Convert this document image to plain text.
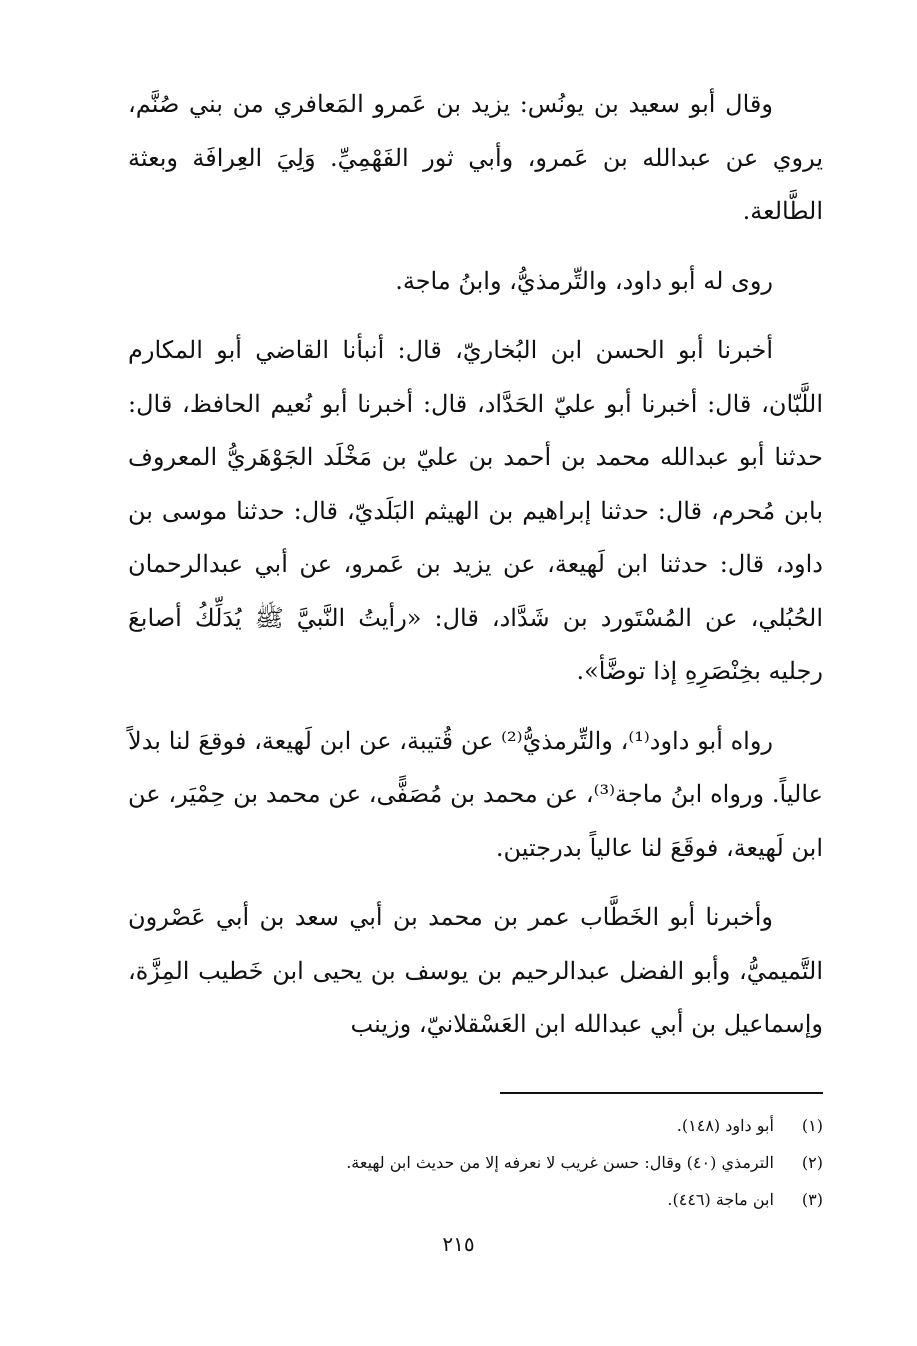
وقال أبو سعيد بن يونُس: يزيد بن عَمرو المَعافري من بني صُنَّم، يروي عن عبدالله بن عَمرو، وأبي ثور الفَهْمِيِّ. وَلِيَ العِرافَة وبعثة الطَّالعة.

روى له أبو داود، والتِّرمذيُّ، وابنُ ماجة.

أخبرنا أبو الحسن ابن البُخاريّ، قال: أنبأنا القاضي أبو المكارم اللَّبّان، قال: أخبرنا أبو عليّ الحَدَّاد، قال: أخبرنا أبو نُعيم الحافظ، قال: حدثنا أبو عبدالله محمد بن أحمد بن عليّ بن مَخْلَد الجَوْهَريُّ المعروف بابن مُحرم، قال: حدثنا إبراهيم بن الهيثم البَلَديّ، قال: حدثنا موسى بن داود، قال: حدثنا ابن لَهيعة، عن يزيد بن عَمرو، عن أبي عبدالرحمان الحُبُلي، عن المُسْتَورد بن شَدَّاد، قال: «رأيتُ النَّبيَّ ﷺ يُدَلِّكُ أصابعَ رجليه بخِنْصَرِهِ إذا توضَّأ».

رواه أبو داود⁽¹⁾، والتِّرمذيُّ⁽²⁾ عن قُتيبة، عن ابن لَهيعة، فوقعَ لنا بدلاً عالياً. ورواه ابنُ ماجة⁽³⁾، عن محمد بن مُصَفًّى، عن محمد بن حِمْيَر، عن ابن لَهيعة، فوقَعَ لنا عالياً بدرجتين.

وأخبرنا أبو الخَطَّاب عمر بن محمد بن أبي سعد بن أبي عَصْرون التَّميميُّ، وأبو الفضل عبدالرحيم بن يوسف بن يحيى ابن خَطيب المِزَّة، وإسماعيل بن أبي عبدالله ابن العَسْقلانيّ، وزينب

(١) أبو داود (١٤٨).
(٢) الترمذي (٤٠) وقال: حسن غريب لا نعرفه إلا من حديث ابن لهيعة.
(٣) ابن ماجة (٤٤٦).
٢١٥
